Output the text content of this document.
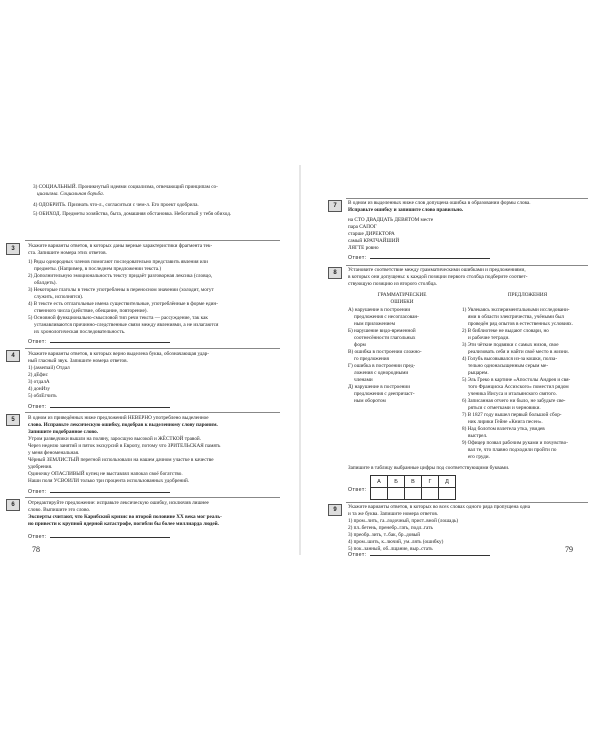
3) СОЦИАЛЬНЫЙ. Проникнутый идеями социализма, отвечающий принципам со-
циализма. Социальная борьба.
4) ОДОБРИТЬ. Признать что-л., согласиться с чем-л. Его проект одобрила.
5) ОБИХОД. Предметы хозяйства, быта, домашняя обстановка. Небогатый у тебя обиход.
3	Укажите варианты ответов, в которых даны верные характеристики фрагмента тек-
ста. Запишите номера этих ответов.
1) Ряды однородных членов помогают последовательно представить явления или
предметы. (Например, в последнем предложении текста.)
2) Дополнительную эмоциональность тексту придаёт разговорная лексика (словцо,
обалдеть).
3) Некоторые глаголы в тексте употреблены в переносном значении (холодит, могут
служить, исполнятся).
4) В тексте есть отглагольные имена существительные, употреблённые в форме един-
ственного числа (действие, обещание, повторение).
5) Основной функционально-смысловой тип речи текста — рассуждение, так как
устанавливаются причинно-следственные связи между явлениями, а не излагаются
их хронологическая последовательность.
Ответ:
4	Укажите варианты ответов, в которых верно выделена буква, обозначающая удар-
ный гласный звук. Запишите номера ответов.
1) (assemail) Отдал
2) дЕфис
3) отдалА
4) донИзу
5) облЕгчить
Ответ:
5	В одном из приведённых ниже предложений НЕВЕРНО употреблено выделенное
слово. Исправьте лексическую ошибку, подобрав к выделенному слову пароним.
Запишите подобранное слово.
Утром разведчики вышли на поляну, заросшую высокой и ЖЁСТКОЙ травой.
Через неделю занятий и пяток экскурсий в Европу, потому что ЗРИТЕЛЬСКАЯ память
у меня феноменальная.
Чёрный ЗЕМЛИСТЫЙ перегной использовали на нашем дачном участке в качестве
удобрения.
Одиночку ОПАСЛИВЫЙ купец не выставлял напоказ своё богатство.
Наши поля УСВОИЛИ только три процента использованных удобрений.
Ответ:
6	Отредактируйте предложение: исправьте лексическую ошибку, исключив лишнее
слово. Выпишите это слово.
Эксперты считают, что Карибский кризис во второй половине XX века мог реаль-
но привести к крупной ядерной катастрофе, погибли бы более миллиарда людей.
Ответ:
78
7	В одном из выделенных ниже слов допущена ошибка в образовании формы слова.
Исправьте ошибку и запишите слово правильно.
на СТО ДВАДЦАТЬ ДЕВЯТОМ месте
пара САПОГ
старше ДИРЕКТОРА
самый КРАТЧАЙШИЙ
ЛЯГТЕ ровно
Ответ:
8	Установите соответствие между грамматическими ошибками и предложениями,
в которых они допущены: к каждой позиции первого столбца подберите соответ-
ствующую позицию из второго столбца.
ГРАММАТИЧЕСКИЕ
ОШИБКИ
ПРЕДЛОЖЕНИЯ
А) нарушение в построении
предложения с несогласован-
ным приложением
Б) нарушение видо-временной
соотнесённости глагольных
форм
В) ошибка в построении сложно-
го предложения
Г) ошибка в построении пред-
ложения с однородными
членами
Д) нарушение в построении
предложения с деепричаст-
ным оборотом
1) Увлекаясь экспериментальными исследовани-
ями в области электричества, учёными был
проведён ряд опытов в естественных условиях.
2) В библиотеке не выдают словари, но
и рабочие тетради.
3) Эти чёткие подвязки с самых низов, свое
реализовать себя и найти своё место в жизни.
4) Голубь высовывался из-за кошки, полза-
тельно однонасыщенным серым ме-
рыцарем.
5) Эль Греко в картине «Апостолы Андрея и свя-
того Франциска Ассизского» поместил рядом
ученика Иисуса и итальянского святого.
6) Записанная отчего ни было, не забудьте све-
ряться с отметками и черновики.
7) В 1827 году вышел первый большой сбор-
ник лирики Гейне «Книга песен».
8) Над болотом взлетела утка, увидев
выстрел.
9) Офицер позвал рабочим руками и почувство-
вал те, что плавно подходили пройти по
его груди.
Запишите в таблицу выбранные цифры под соответствующими буквами.
Ответ:
А	Б	В	Г	Д

9	Укажите варианты ответов, в которых во всех словах одного ряда пропущена одна
и та же буква. Запишите номера ответов.
1) пром..лить, га..лодочный, прист..вной (лошадь)
2) пл..бетень, пренебр..гать, подл..гать
3) преобр..зить, т..бак, бр..довый
4) пром..шить, к..лючий, ум..лять (ошибку)
5) пок..занный, об..лщание, выр..стать
Ответ:
79
